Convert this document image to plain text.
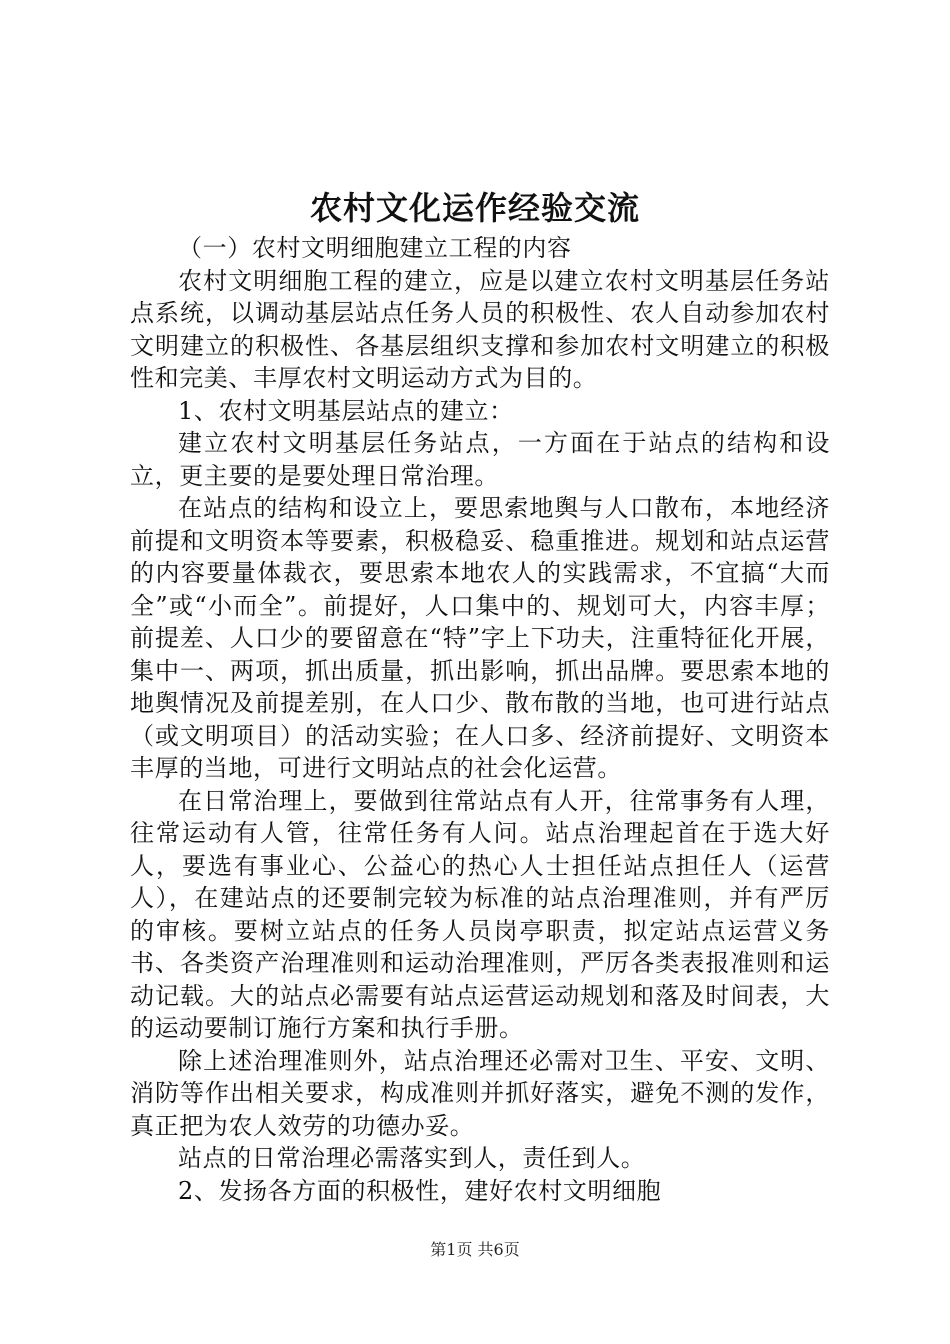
农村文化运作经验交流

（一）农村文明细胞建立工程的内容

农村文明细胞工程的建立，应是以建立农村文明基层任务站点系统，以调动基层站点任务人员的积极性、农人自动参加农村文明建立的积极性、各基层组织支撑和参加农村文明建立的积极性和完美、丰厚农村文明运动方式为目的。

1、农村文明基层站点的建立：

建立农村文明基层任务站点，一方面在于站点的结构和设立，更主要的是要处理日常治理。

在站点的结构和设立上，要思索地舆与人口散布，本地经济前提和文明资本等要素，积极稳妥、稳重推进。规划和站点运营的内容要量体裁衣，要思索本地农人的实践需求，不宜搞“大而全”或“小而全”。前提好，人口集中的、规划可大，内容丰厚；前提差、人口少的要留意在“特”字上下功夫，注重特征化开展，集中一、两项，抓出质量，抓出影响，抓出品牌。要思索本地的地舆情况及前提差别，在人口少、散布散的当地，也可进行站点（或文明项目）的活动实验；在人口多、经济前提好、文明资本丰厚的当地，可进行文明站点的社会化运营。

在日常治理上，要做到往常站点有人开，往常事务有人理，往常运动有人管，往常任务有人问。站点治理起首在于选大好人，要选有事业心、公益心的热心人士担任站点担任人（运营人），在建站点的还要制完较为标准的站点治理准则，并有严厉的审核。要树立站点的任务人员岗亭职责，拟定站点运营义务书、各类资产治理准则和运动治理准则，严厉各类表报准则和运动记载。大的站点必需要有站点运营运动规划和落及时间表，大的运动要制订施行方案和执行手册。

除上述治理准则外，站点治理还必需对卫生、平安、文明、消防等作出相关要求，构成准则并抓好落实，避免不测的发作，真正把为农人效劳的功德办妥。

站点的日常治理必需落实到人，责任到人。

2、发扬各方面的积极性，建好农村文明细胞

第1页 共6页
